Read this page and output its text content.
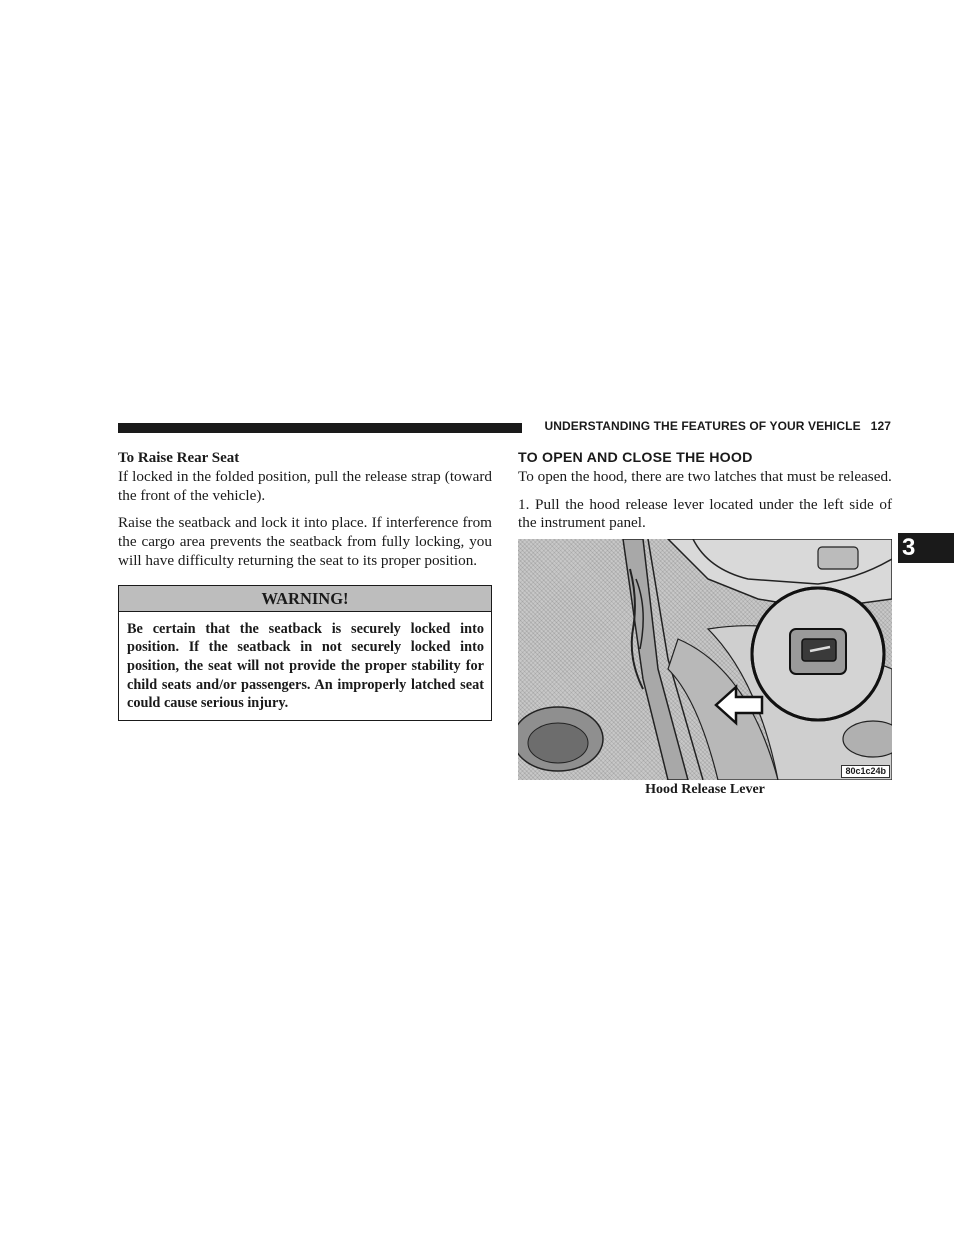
UNDERSTANDING THE FEATURES OF YOUR VEHICLE 127
3
To Raise Rear Seat

If locked in the folded position, pull the release strap (toward the front of the vehicle).

Raise the seatback and lock it into place. If interference from the cargo area prevents the seatback from fully locking, you will have difficulty returning the seat to its proper position.

WARNING!
Be certain that the seatback is securely locked into position. If the seatback in not securely locked into position, the seat will not provide the proper stability for child seats and/or passengers. An improperly latched seat could cause serious injury.
TO OPEN AND CLOSE THE HOOD

To open the hood, there are two latches that must be released.

1. Pull the hood release lever located under the left side of the instrument panel.

80c1c24b
Hood Release Lever
